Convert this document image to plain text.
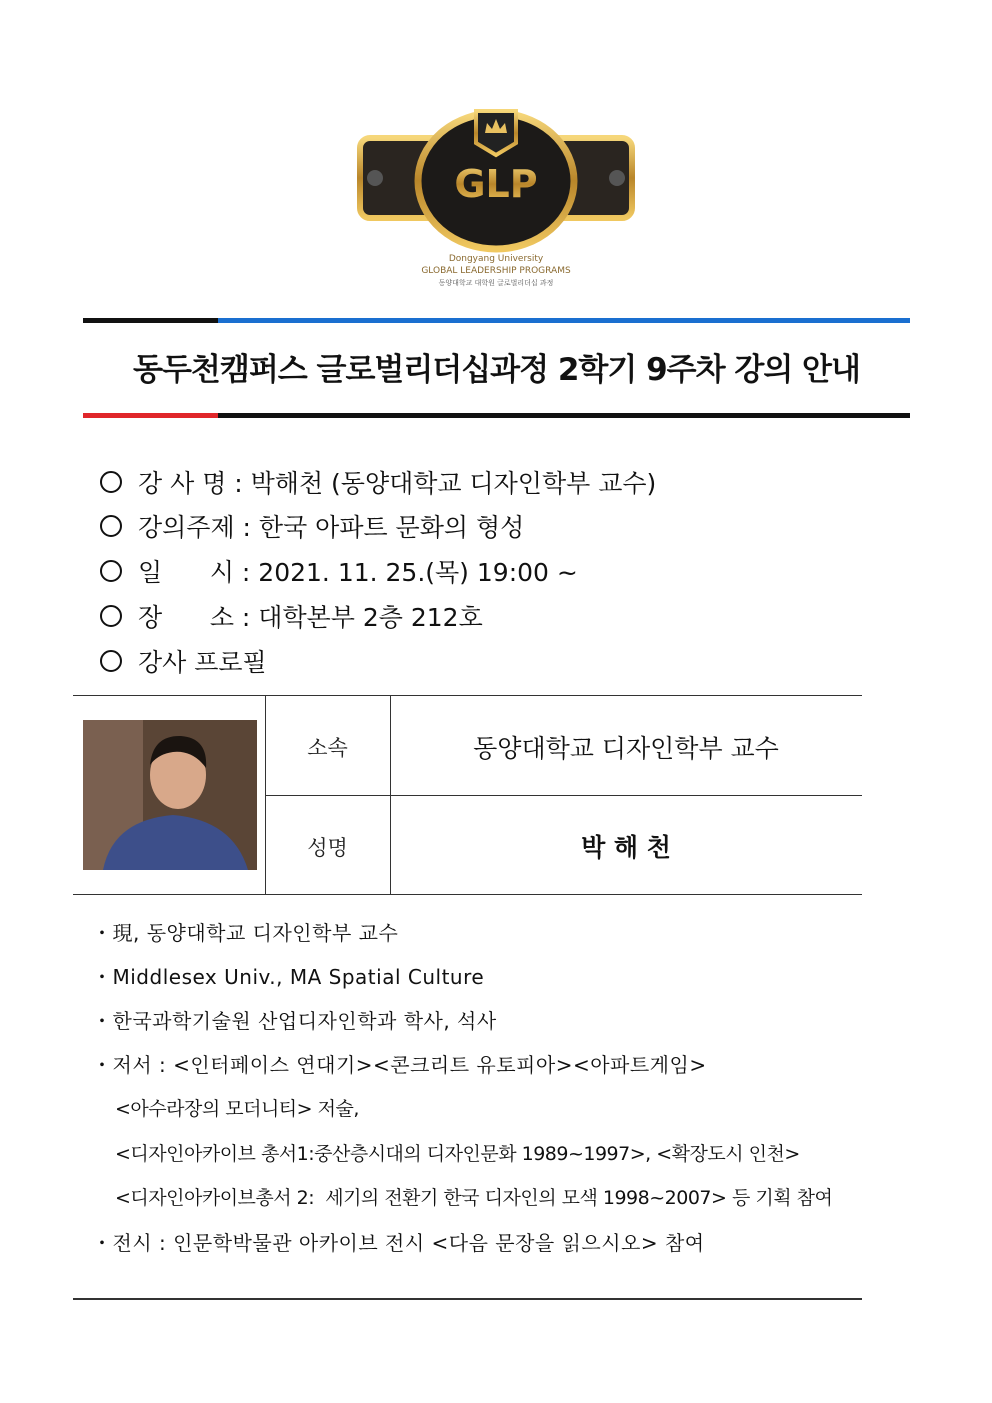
GLP
Dongyang University
GLOBAL LEADERSHIP PROGRAMS
동양대학교 대학원 글로벌리더십 과정
동두천캠퍼스 글로벌리더십과정 2학기 9주차 강의 안내
강 사 명 : 박해천 (동양대학교 디자인학부 교수)
강의주제 : 한국 아파트 문화의 형성
일      시 : 2021. 11. 25.(목) 19:00 ~
장      소 : 대학본부 2층 212호
강사 프로필
소속	동양대학교 디자인학부 교수
성명	박 해 천
・現, 동양대학교 디자인학부 교수
・Middlesex Univ., MA Spatial Culture
・한국과학기술원 산업디자인학과 학사, 석사
・저서 : <인터페이스 연대기><콘크리트 유토피아><아파트게임>
<아수라장의 모더니티> 저술,
<디자인아카이브 총서1:중산층시대의 디자인문화 1989~1997>, <확장도시 인천>
<디자인아카이브총서 2:  세기의 전환기 한국 디자인의 모색 1998~2007> 등 기획 참여
・전시 : 인문학박물관 아카이브 전시 <다음 문장을 읽으시오> 참여
